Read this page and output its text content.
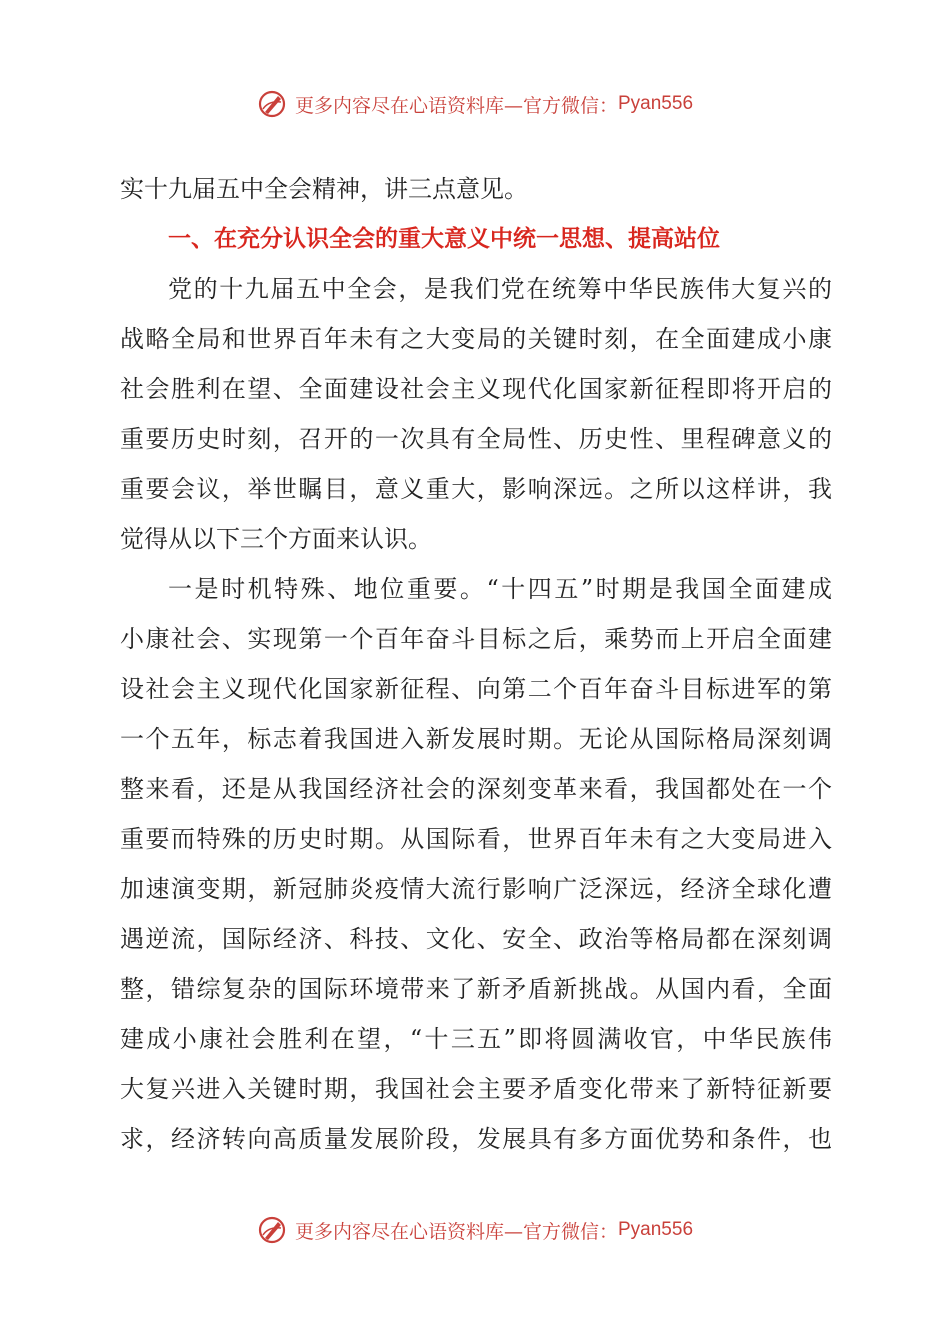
更多内容尽在心语资料库—官方微信： Pyan556
实十九届五中全会精神，讲三点意见。
一、在充分认识全会的重大意义中统一思想、提高站位
党的十九届五中全会，是我们党在统筹中华民族伟大复兴的
战略全局和世界百年未有之大变局的关键时刻，在全面建成小康
社会胜利在望、全面建设社会主义现代化国家新征程即将开启的
重要历史时刻，召开的一次具有全局性、历史性、里程碑意义的
重要会议，举世瞩目，意义重大，影响深远。之所以这样讲，我
觉得从以下三个方面来认识。
一是时机特殊、地位重要。“十四五”时期是我国全面建成
小康社会、实现第一个百年奋斗目标之后，乘势而上开启全面建
设社会主义现代化国家新征程、向第二个百年奋斗目标进军的第
一个五年，标志着我国进入新发展时期。无论从国际格局深刻调
整来看，还是从我国经济社会的深刻变革来看，我国都处在一个
重要而特殊的历史时期。从国际看，世界百年未有之大变局进入
加速演变期，新冠肺炎疫情大流行影响广泛深远，经济全球化遭
遇逆流，国际经济、科技、文化、安全、政治等格局都在深刻调
整，错综复杂的国际环境带来了新矛盾新挑战。从国内看，全面
建成小康社会胜利在望，“十三五”即将圆满收官，中华民族伟
大复兴进入关键时期，我国社会主要矛盾变化带来了新特征新要
求，经济转向高质量发展阶段，发展具有多方面优势和条件，也
更多内容尽在心语资料库—官方微信： Pyan556
